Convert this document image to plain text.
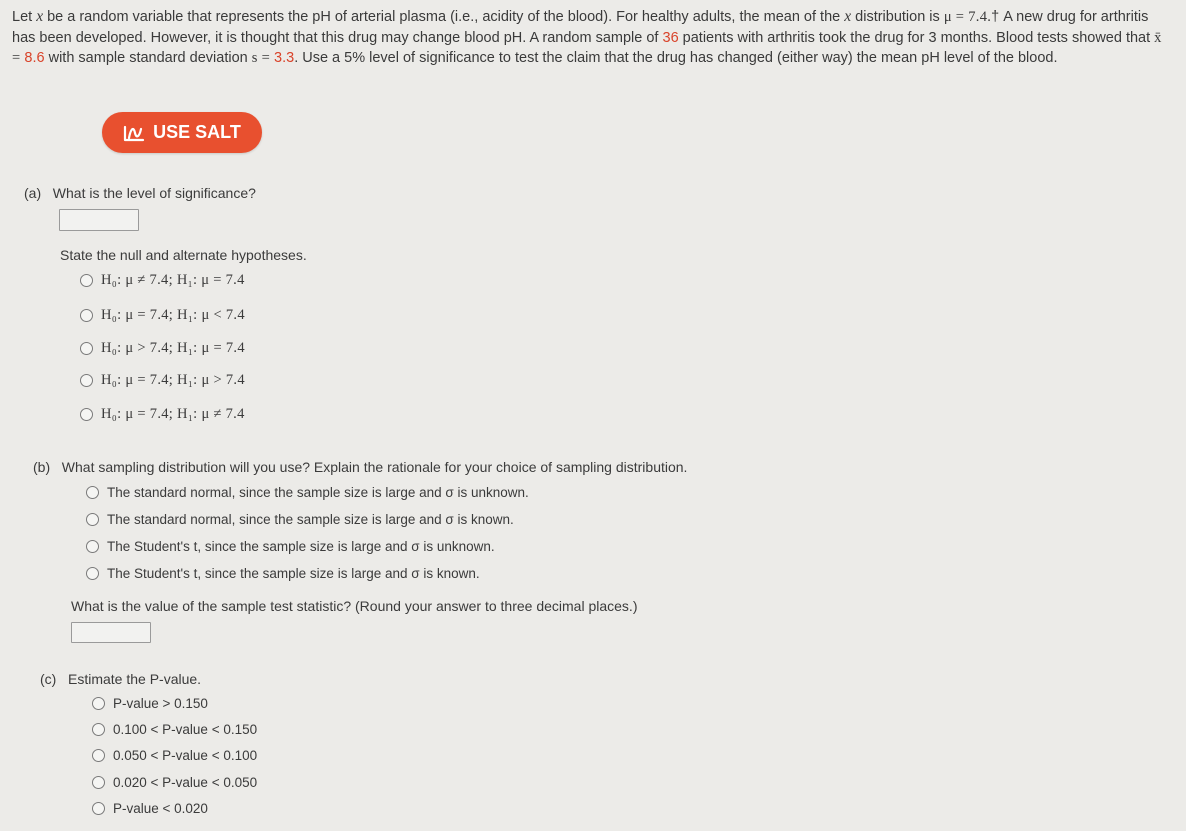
Let x be a random variable that represents the pH of arterial plasma (i.e., acidity of the blood). For healthy adults, the mean of the x distribution is μ = 7.4.† A new drug for arthritis has been developed. However, it is thought that this drug may change blood pH. A random sample of 36 patients with arthritis took the drug for 3 months. Blood tests showed that x̄ = 8.6 with sample standard deviation s = 3.3. Use a 5% level of significance to test the claim that the drug has changed (either way) the mean pH level of the blood.
USE SALT
(a) What is the level of significance?
State the null and alternate hypotheses.
H₀: μ ≠ 7.4; H₁: μ = 7.4
H₀: μ = 7.4; H₁: μ < 7.4
H₀: μ > 7.4; H₁: μ = 7.4
H₀: μ = 7.4; H₁: μ > 7.4
H₀: μ = 7.4; H₁: μ ≠ 7.4
(b) What sampling distribution will you use? Explain the rationale for your choice of sampling distribution.
The standard normal, since the sample size is large and σ is unknown.
The standard normal, since the sample size is large and σ is known.
The Student's t, since the sample size is large and σ is unknown.
The Student's t, since the sample size is large and σ is known.
What is the value of the sample test statistic? (Round your answer to three decimal places.)
(c) Estimate the P-value.
P-value > 0.150
0.100 < P-value < 0.150
0.050 < P-value < 0.100
0.020 < P-value < 0.050
P-value < 0.020
